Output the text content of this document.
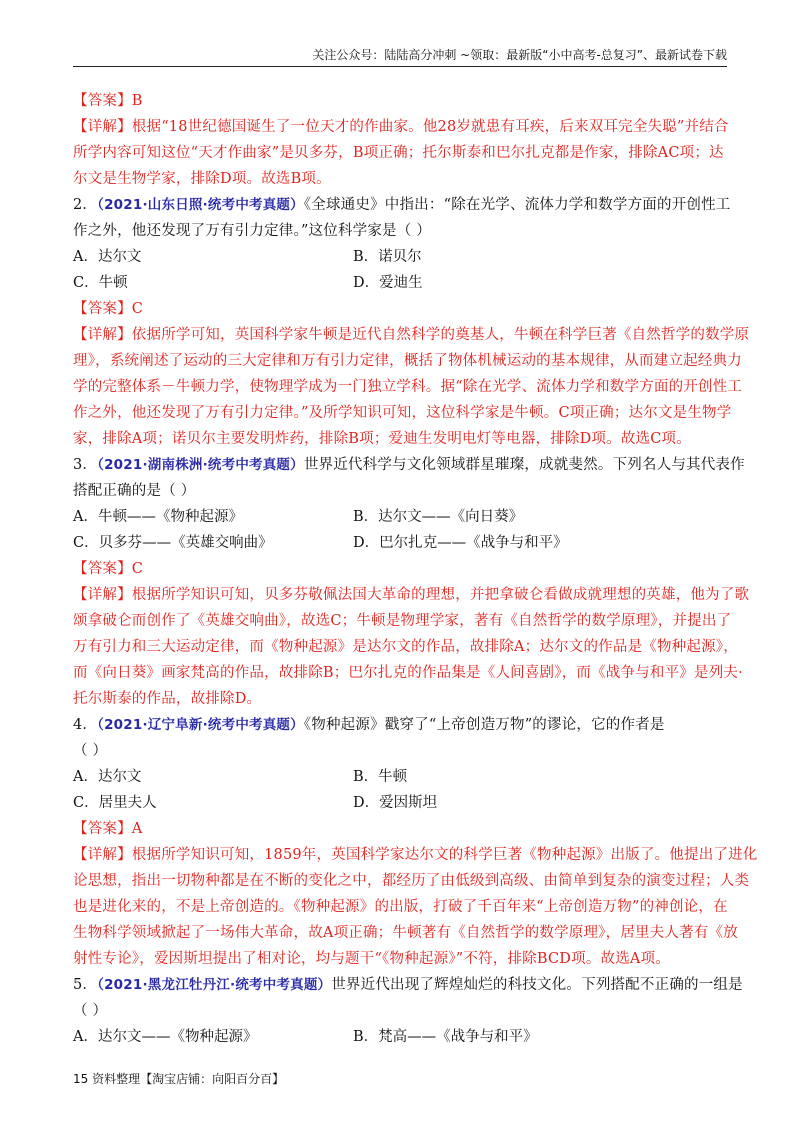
关注公众号：陆陆高分冲刺 ~领取：最新版“小中高考-总复习”、最新试卷下载
【答案】B
【详解】根据“18世纪德国诞生了一位天才的作曲家。他28岁就患有耳疾，后来双耳完全失聪”并结合
所学内容可知这位“天才作曲家”是贝多芬，B项正确；托尔斯泰和巴尔扎克都是作家，排除AC项；达
尔文是生物学家，排除D项。故选B项。
2．（2021·山东日照·统考中考真题）《全球通史》中指出：“除在光学、流体力学和数学方面的开创性工
作之外，他还发现了万有引力定律。”这位科学家是（ ）
A．达尔文	B．诺贝尔
C．牛顿	D．爱迪生
【答案】C
【详解】依据所学可知，英国科学家牛顿是近代自然科学的奠基人，牛顿在科学巨著《自然哲学的数学原
理》，系统阐述了运动的三大定律和万有引力定律，概括了物体机械运动的基本规律，从而建立起经典力
学的完整体系－牛顿力学，使物理学成为一门独立学科。据“除在光学、流体力学和数学方面的开创性工
作之外，他还发现了万有引力定律。”及所学知识可知，这位科学家是牛顿。C项正确；达尔文是生物学
家，排除A项；诺贝尔主要发明炸药，排除B项；爱迪生发明电灯等电器，排除D项。故选C项。
3．（2021·湖南株洲·统考中考真题）世界近代科学与文化领域群星璀璨，成就斐然。下列名人与其代表作
搭配正确的是（ ）
A．牛顿——《物种起源》	B．达尔文——《向日葵》
C．贝多芬——《英雄交响曲》	D．巴尔扎克——《战争与和平》
【答案】C
【详解】根据所学知识可知，贝多芬敬佩法国大革命的理想，并把拿破仑看做成就理想的英雄，他为了歌
颂拿破仑而创作了《英雄交响曲》，故选C；牛顿是物理学家，著有《自然哲学的数学原理》，并提出了
万有引力和三大运动定律，而《物种起源》是达尔文的作品，故排除A；达尔文的作品是《物种起源》，
而《向日葵》画家梵高的作品，故排除B；巴尔扎克的作品集是《人间喜剧》，而《战争与和平》是列夫·
托尔斯泰的作品，故排除D。
4．（2021·辽宁阜新·统考中考真题）《物种起源》戳穿了“上帝创造万物”的谬论，它的作者是
（ ）
A．达尔文	B．牛顿
C．居里夫人	D．爱因斯坦
【答案】A
【详解】根据所学知识可知，1859年，英国科学家达尔文的科学巨著《物种起源》出版了。他提出了进化
论思想，指出一切物种都是在不断的变化之中，都经历了由低级到高级、由简单到复杂的演变过程；人类
也是进化来的，不是上帝创造的。《物种起源》的出版，打破了千百年来“上帝创造万物”的神创论，在
生物科学领域掀起了一场伟大革命，故A项正确；牛顿著有《自然哲学的数学原理》，居里夫人著有《放
射性专论》，爱因斯坦提出了相对论，均与题干“《物种起源》”不符，排除BCD项。故选A项。
5．（2021·黑龙江牡丹江·统考中考真题）世界近代出现了辉煌灿烂的科技文化。下列搭配不正确的一组是
（ ）
A．达尔文——《物种起源》	B．梵高——《战争与和平》
15 资料整理【淘宝店铺：向阳百分百】
